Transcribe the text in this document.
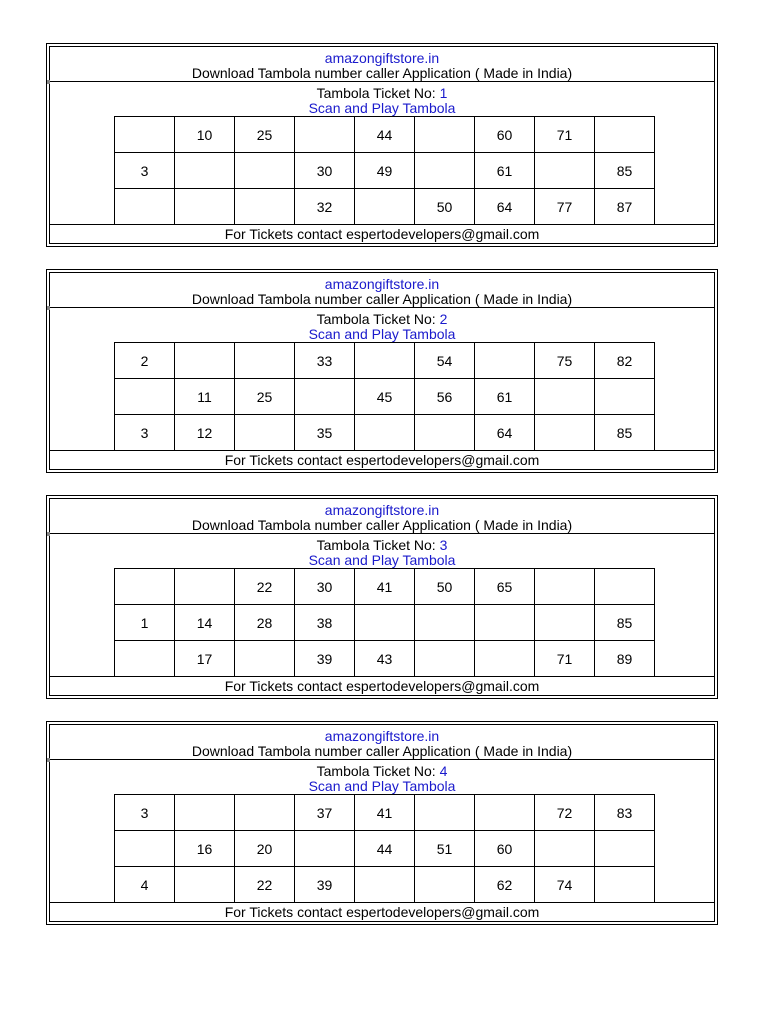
amazongiftstore.in
Download Tambola number caller Application ( Made in India)
Tambola Ticket No: 1
Scan and Play Tambola
	10	25		44		60	71	
3			30	49		61		85
			32		50	64	77	87
For Tickets contact espertodevelopers@gmail.com
amazongiftstore.in
Download Tambola number caller Application ( Made in India)
Tambola Ticket No: 2
Scan and Play Tambola
2			33		54		75	82
	11	25		45	56	61		
3	12		35			64		85
For Tickets contact espertodevelopers@gmail.com
amazongiftstore.in
Download Tambola number caller Application ( Made in India)
Tambola Ticket No: 3
Scan and Play Tambola
		22	30	41	50	65		
1	14	28	38					85
	17		39	43			71	89
For Tickets contact espertodevelopers@gmail.com
amazongiftstore.in
Download Tambola number caller Application ( Made in India)
Tambola Ticket No: 4
Scan and Play Tambola
3			37	41			72	83
	16	20		44	51	60		
4		22	39			62	74	
For Tickets contact espertodevelopers@gmail.com
